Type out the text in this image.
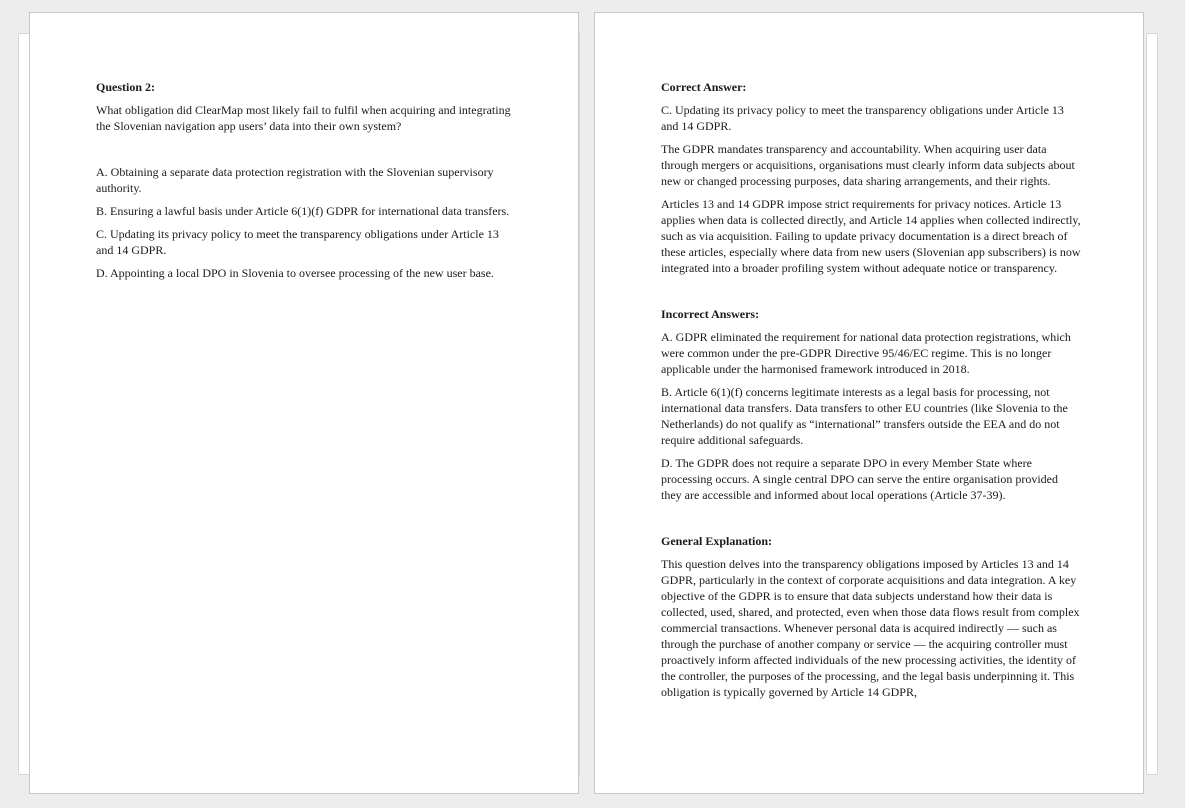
Question 2:

What obligation did ClearMap most likely fail to fulfil when acquiring and integrating the Slovenian navigation app users’ data into their own system?

A. Obtaining a separate data protection registration with the Slovenian supervisory authority.

B. Ensuring a lawful basis under Article 6(1)(f) GDPR for international data transfers.

C. Updating its privacy policy to meet the transparency obligations under Article 13 and 14 GDPR.

D. Appointing a local DPO in Slovenia to oversee processing of the new user base.

Correct Answer:

C. Updating its privacy policy to meet the transparency obligations under Article 13 and 14 GDPR.

The GDPR mandates transparency and accountability. When acquiring user data through mergers or acquisitions, organisations must clearly inform data subjects about new or changed processing purposes, data sharing arrangements, and their rights.

Articles 13 and 14 GDPR impose strict requirements for privacy notices. Article 13 applies when data is collected directly, and Article 14 applies when collected indirectly, such as via acquisition. Failing to update privacy documentation is a direct breach of these articles, especially where data from new users (Slovenian app subscribers) is now integrated into a broader profiling system without adequate notice or transparency.

Incorrect Answers:

A. GDPR eliminated the requirement for national data protection registrations, which were common under the pre-GDPR Directive 95/46/EC regime. This is no longer applicable under the harmonised framework introduced in 2018.

B. Article 6(1)(f) concerns legitimate interests as a legal basis for processing, not international data transfers. Data transfers to other EU countries (like Slovenia to the Netherlands) do not qualify as “international” transfers outside the EEA and do not require additional safeguards.

D. The GDPR does not require a separate DPO in every Member State where processing occurs. A single central DPO can serve the entire organisation provided they are accessible and informed about local operations (Article 37-39).

General Explanation:

This question delves into the transparency obligations imposed by Articles 13 and 14 GDPR, particularly in the context of corporate acquisitions and data integration. A key objective of the GDPR is to ensure that data subjects understand how their data is collected, used, shared, and protected, even when those data flows result from complex commercial transactions. Whenever personal data is acquired indirectly — such as through the purchase of another company or service — the acquiring controller must proactively inform affected individuals of the new processing activities, the identity of the controller, the purposes of the processing, and the legal basis underpinning it. This obligation is typically governed by Article 14 GDPR,
